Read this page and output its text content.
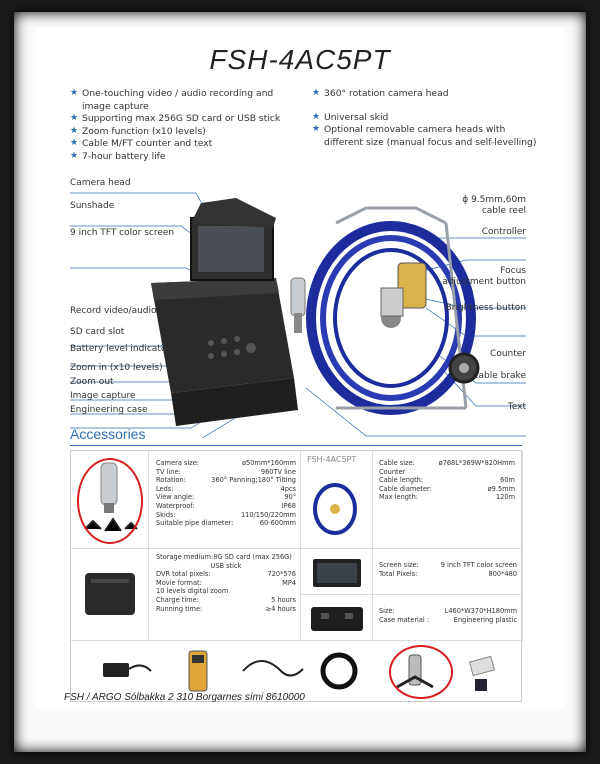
FSH-4AC5PT
★ One-touching video / audio recording and
image capture
★ Supporting max 256G SD card or USB stick
★ Zoom function (x10 levels)
★ Cable M/FT counter and text
★ 7-hour battery life
★ 360° rotation camera head
★ Universal skid
★ Optional removable camera heads with
different size (manual focus and self-levelling)
Camera head
Sunshade
9 inch TFT color screen
Record video/audio
SD card slot
Battery level indicator
Zoom in (x10 levels)
Zoom out
Image capture
Engineering case
ϕ 9.5mm,60m
cable reel
Controller
Focus
adjustment button
Brightness button
Counter
Cable brake
Text
Accessories
Camera size:	ø50mm*160mm
TV line:	960TV line
Rotation:	360° Panning;180° Tilting
Leds:	4pcs
View angle:	90°
Waterproof:	IP68
Skids:	110/150/220mm
Suitable pipe diameter:	60-600mm
FSH-4AC5PT	Cable size:	ø768L*369W*820Hmm
Counter
Cable length:	60m
Cable diameter:	ø9.5mm
Max length:	120m
Storage medium:8G SD card (max 256G)
USB stick
DVR total pixels:	720*576
Movie format:	MP4
10 levels digital zoom
Charge time:	5 hours
Running time:	≥4 hours
Screen size:	9 inch TFT color screen
Total Pixels:	800*480
Size:	L460*W370*H180mm
Case material :	Engineering plastic
FSH / ARGO Sólbakka 2 310 Borgarnes sími 8610000
